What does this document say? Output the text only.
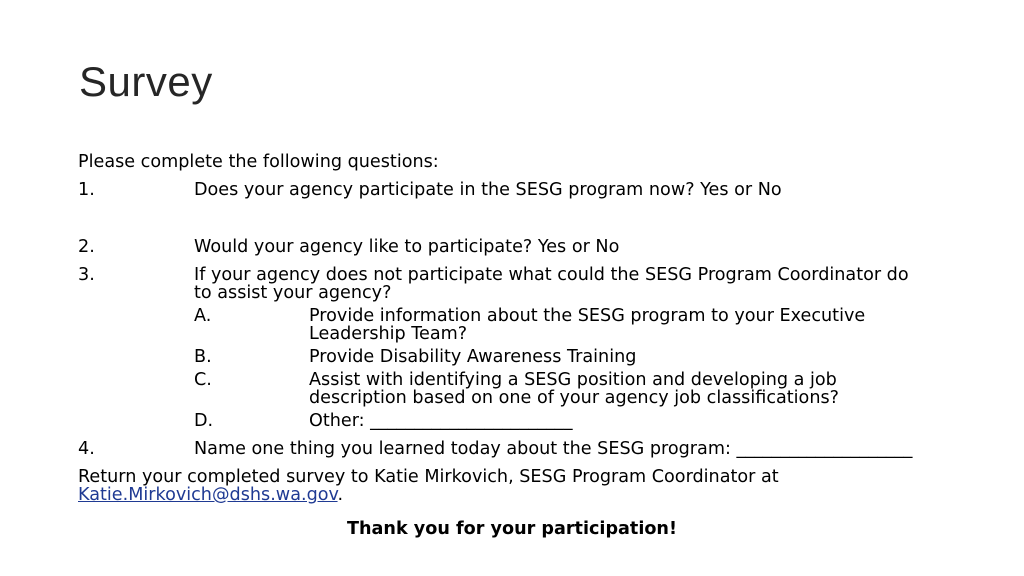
Survey
Please complete the following questions:
1.	Does your agency participate in the SESG program now? Yes or No
2.	Would your agency like to participate? Yes or No
3.	If your agency does not participate what could the SESG Program Coordinator do to assist your agency?
A.	Provide information about the SESG program to your Executive Leadership Team?
B.	Provide Disability Awareness Training
C.	Assist with identifying a SESG position and developing a job description based on one of your agency job classifications?
D.	Other: _______________________
4.	Name one thing you learned today about the SESG program: ____________________
Return your completed survey to Katie Mirkovich, SESG Program Coordinator at
Katie.Mirkovich@dshs.wa.gov.
Thank you for your participation!
